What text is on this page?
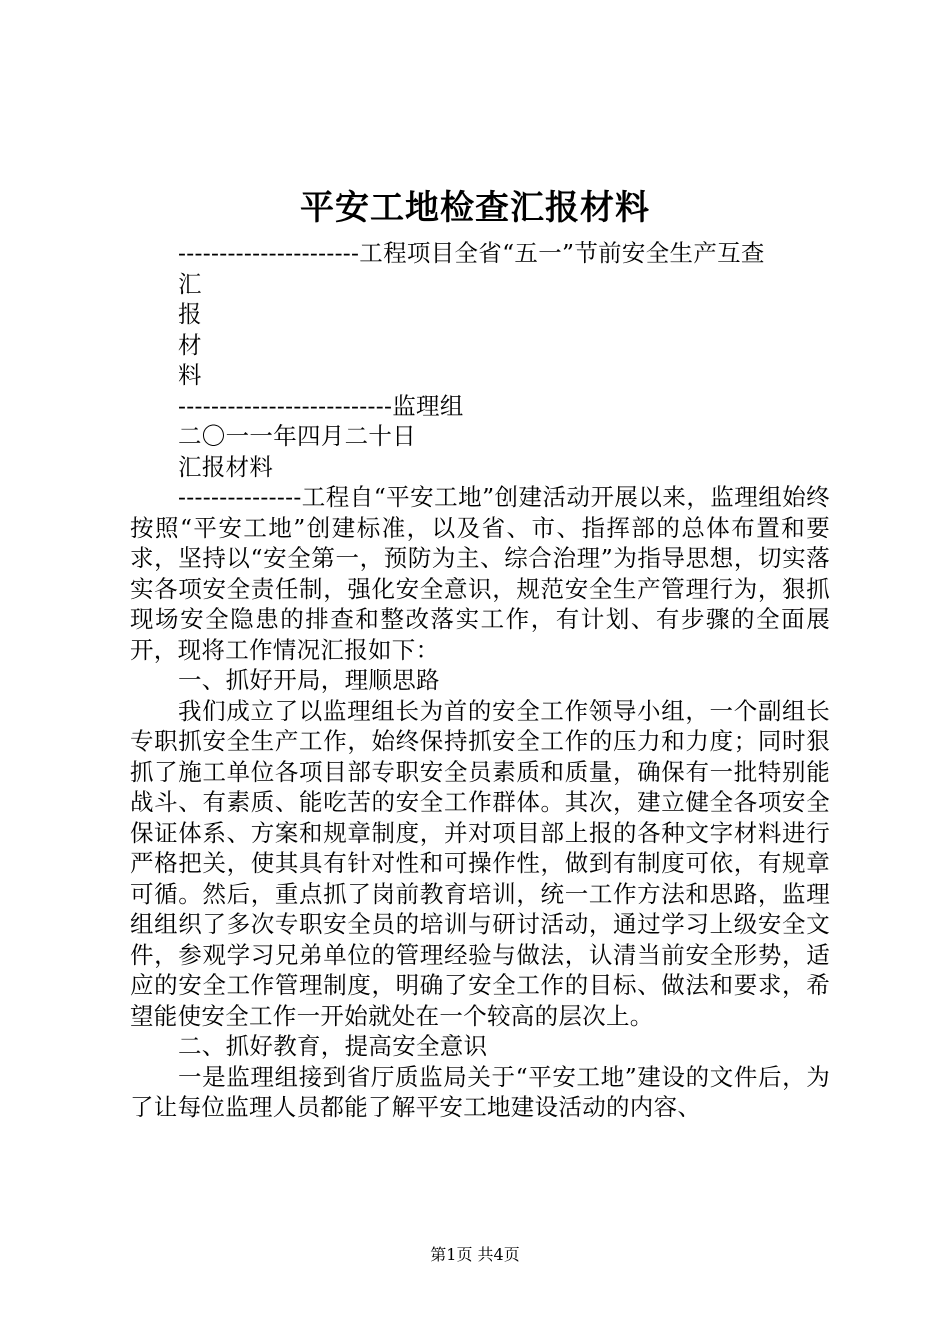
平安工地检查汇报材料

----------------------工程项目全省“五一”节前安全生产互查

汇

报

材

料

--------------------------监理组

二〇一一年四月二十日

汇报材料

---------------工程自“平安工地”创建活动开展以来，监理组始终按照“平安工地”创建标准，以及省、市、指挥部的总体布置和要求，坚持以“安全第一，预防为主、综合治理”为指导思想，切实落实各项安全责任制，强化安全意识，规范安全生产管理行为，狠抓现场安全隐患的排查和整改落实工作，有计划、有步骤的全面展开，现将工作情况汇报如下：

一、抓好开局，理顺思路

我们成立了以监理组长为首的安全工作领导小组，一个副组长专职抓安全生产工作，始终保持抓安全工作的压力和力度；同时狠抓了施工单位各项目部专职安全员素质和质量，确保有一批特别能战斗、有素质、能吃苦的安全工作群体。其次，建立健全各项安全保证体系、方案和规章制度，并对项目部上报的各种文字材料进行严格把关，使其具有针对性和可操作性，做到有制度可依，有规章可循。然后，重点抓了岗前教育培训，统一工作方法和思路，监理组组织了多次专职安全员的培训与研讨活动，通过学习上级安全文件，参观学习兄弟单位的管理经验与做法，认清当前安全形势，适应的安全工作管理制度，明确了安全工作的目标、做法和要求，希望能使安全工作一开始就处在一个较高的层次上。

二、抓好教育，提高安全意识

一是监理组接到省厅质监局关于“平安工地”建设的文件后，为了让每位监理人员都能了解平安工地建设活动的内容、

第1页 共4页
